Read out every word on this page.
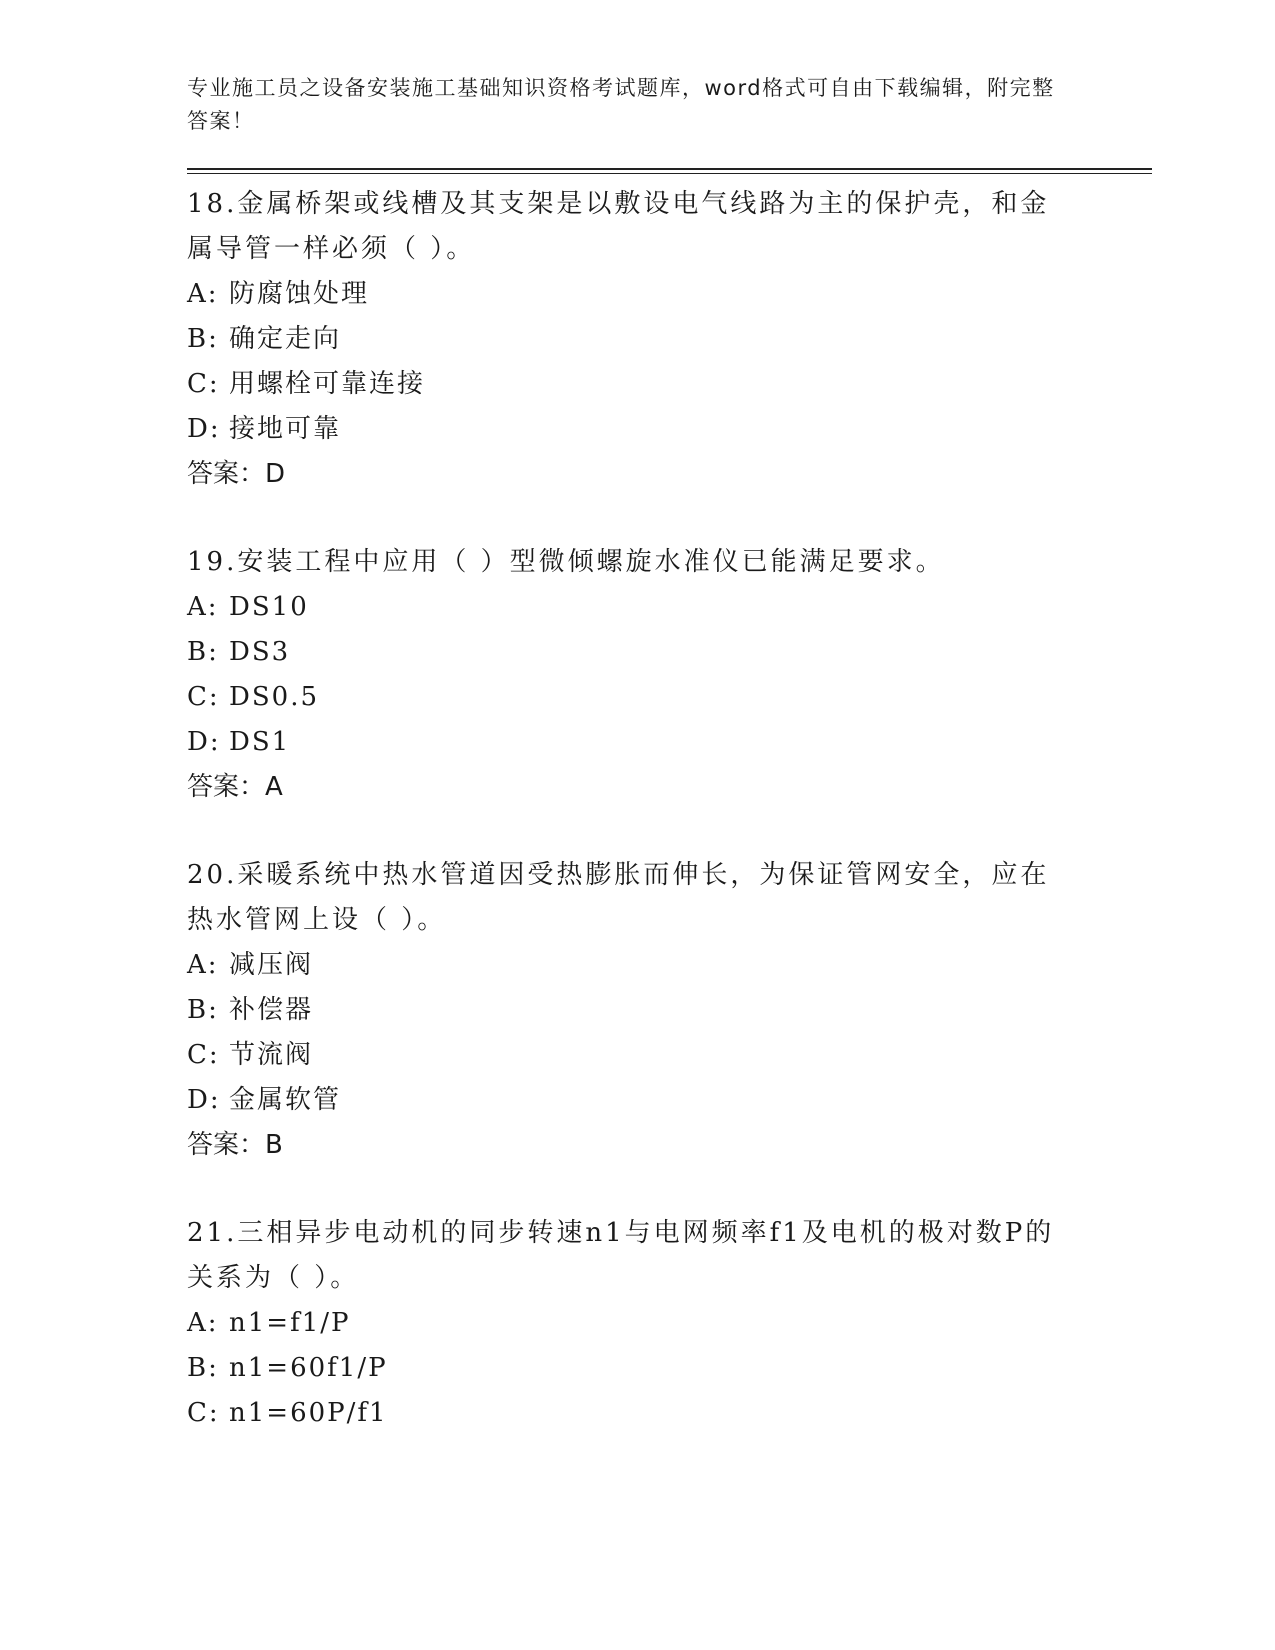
专业施工员之设备安装施工基础知识资格考试题库，word格式可自由下载编辑，附完整答案！

18.金属桥架或线槽及其支架是以敷设电气线路为主的保护壳，和金属导管一样必须（ ）。

A: 防腐蚀处理

B: 确定走向

C: 用螺栓可靠连接

D: 接地可靠

答案：D

19.安装工程中应用（ ）型微倾螺旋水准仪已能满足要求。

A: DS10

B: DS3

C: DS0.5

D: DS1

答案：A

20.采暖系统中热水管道因受热膨胀而伸长，为保证管网安全，应在热水管网上设（ ）。

A: 减压阀

B: 补偿器

C: 节流阀

D: 金属软管

答案：B

21.三相异步电动机的同步转速n1与电网频率f1及电机的极对数P的关系为（ ）。

A: n1=f1/P

B: n1=60f1/P

C: n1=60P/f1
